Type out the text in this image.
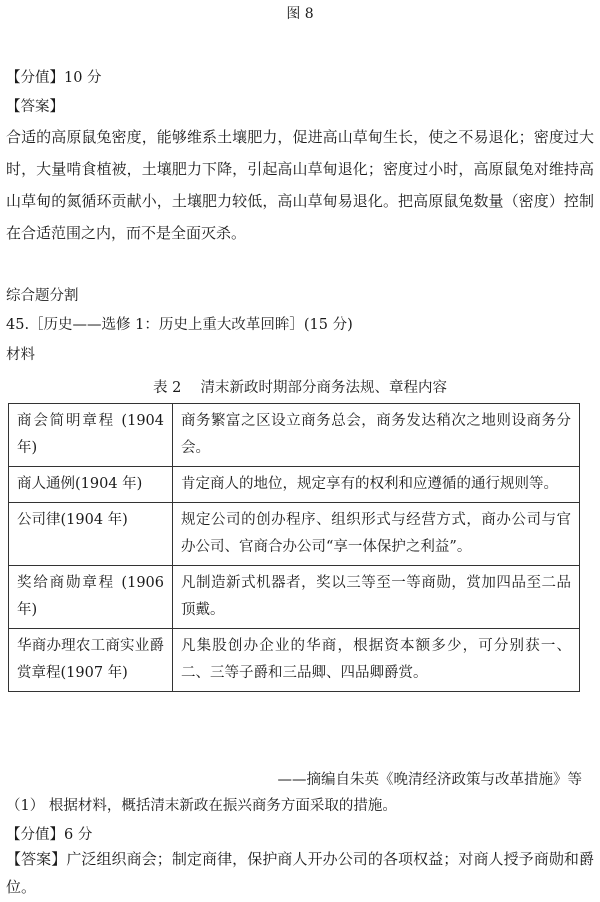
图 8
【分值】10 分
【答案】
合适的高原鼠兔密度，能够维系土壤肥力，促进高山草甸生长，使之不易退化；密度过大时，大量啃食植被，土壤肥力下降，引起高山草甸退化；密度过小时，高原鼠兔对维持高山草甸的氮循环贡献小，土壤肥力较低，高山草甸易退化。把高原鼠兔数量（密度）控制在合适范围之内，而不是全面灭杀。
综合题分割
45.［历史——选修 1：历史上重大改革回眸］(15 分)
材料
表 2　 清末新政时期部分商务法规、章程内容
商会简明章程 (1904 年)	商务繁富之区设立商务总会，商务发达稍次之地则设商务分会。
商人通例(1904 年)	肯定商人的地位，规定享有的权利和应遵循的通行规则等。
公司律(1904 年)	规定公司的创办程序、组织形式与经营方式，商办公司与官办公司、官商合办公司“享一体保护之利益”。
奖给商勋章程 (1906 年)	凡制造新式机器者，奖以三等至一等商勋，赏加四品至二品顶戴。
华商办理农工商实业爵赏章程(1907 年)	凡集股创办企业的华商，根据资本额多少，可分别获一、二、三等子爵和三品卿、四品卿爵赏。
——摘编自朱英《晚清经济政策与改革措施》等
（1） 根据材料，概括清末新政在振兴商务方面采取的措施。
【分值】6 分
【答案】广泛组织商会；制定商律，保护商人开办公司的各项权益；对商人授予商勋和爵位。
